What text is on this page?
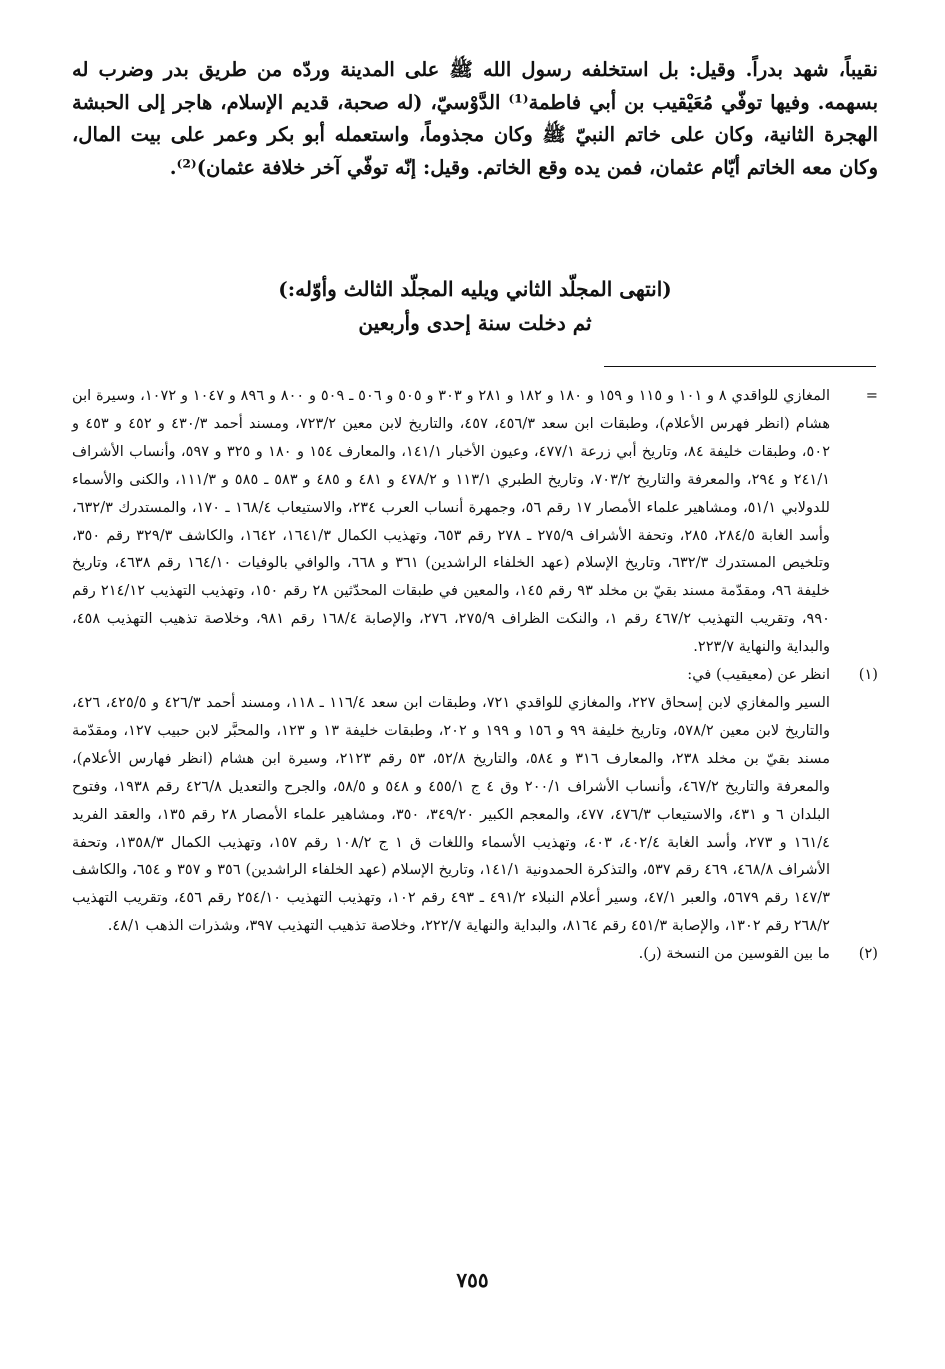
نقيباً، شهد بدراً. وقيل: بل استخلفه رسول الله ﷺ على المدينة وردّه من طريق بدر وضرب له بسهمه. وفيها توفّي مُعَيْقيب بن أبي فاطمة⁽¹⁾ الدَّوْسيّ، (له صحبة، قديم الإسلام، هاجر إلى الحبشة الهجرة الثانية، وكان على خاتم النبيّ ﷺ وكان مجذوماً، واستعمله أبو بكر وعمر على بيت المال، وكان معه الخاتم أيّام عثمان، فمن يده وقع الخاتم. وقيل: إنّه توفّي آخر خلافة عثمان)⁽²⁾.

(انتهى المجلّد الثاني ويليه المجلّد الثالث وأوّله:)

ثم دخلت سنة إحدى وأربعين

=
المغازي للواقدي ٨ و ١٠١ و ١١٥ و ١٥٩ و ١٨٠ و ١٨٢ و ٢٨١ و ٣٠٣ و ٥٠٥ و ٥٠٦ ـ ٥٠٩ و ٨٠٠ و ٨٩٦ و ١٠٤٧ و ١٠٧٢، وسيرة ابن هشام (انظر فهرس الأعلام)، وطبقات ابن سعد ٤٥٦/٣، ٤٥٧، والتاريخ لابن معين ٧٢٣/٢، ومسند أحمد ٤٣٠/٣ و ٤٥٢ و ٤٥٣ و ٥٠٢، وطبقات خليفة ٨٤، وتاريخ أبي زرعة ٤٧٧/١، وعيون الأخبار ١٤١/١، والمعارف ١٥٤ و ١٨٠ و ٣٢٥ و ٥٩٧، وأنساب الأشراف ٢٤١/١ و ٢٩٤، والمعرفة والتاريخ ٧٠٣/٢، وتاريخ الطبري ١١٣/١ و ٤٧٨/٢ و ٤٨١ و ٤٨٥ و ٥٨٣ ـ ٥٨٥ و ١١١/٣، والكنى والأسماء للدولابي ٥١/١، ومشاهير علماء الأمصار ١٧ رقم ٥٦، وجمهرة أنساب العرب ٢٣٤، والاستيعاب ١٦٨/٤ ـ ١٧٠، والمستدرك ٦٣٢/٣، وأسد الغابة ٢٨٤/٥، ٢٨٥، وتحفة الأشراف ٢٧٥/٩ ـ ٢٧٨ رقم ٦٥٣، وتهذيب الكمال ١٦٤١/٣، ١٦٤٢، والكاشف ٣٢٩/٣ رقم ٣٥٠، وتلخيص المستدرك ٦٣٢/٣، وتاريخ الإسلام (عهد الخلفاء الراشدين) ٣٦١ و ٦٦٨، والوافي بالوفيات ١٦٤/١٠ رقم ٤٦٣٨، وتاريخ خليفة ٩٦، ومقدّمة مسند بقيّ بن مخلد ٩٣ رقم ١٤٥، والمعين في طبقات المحدّثين ٢٨ رقم ١٥٠، وتهذيب التهذيب ٢١٤/١٢ رقم ٩٩٠، وتقريب التهذيب ٤٦٧/٢ رقم ١، والنكت الظراف ٢٧٥/٩، ٢٧٦، والإصابة ١٦٨/٤ رقم ٩٨١، وخلاصة تذهيب التهذيب ٤٥٨، والبداية والنهاية ٢٢٣/٧.
(١)

انظر عن (معيقيب) في:

السير والمغازي لابن إسحاق ٢٢٧، والمغازي للواقدي ٧٢١، وطبقات ابن سعد ١١٦/٤ ـ ١١٨، ومسند أحمد ٤٢٦/٣ و ٤٢٥/٥، ٤٢٦، والتاريخ لابن معين ٥٧٨/٢، وتاريخ خليفة ٩٩ و ١٥٦ و ١٩٩ و ٢٠٢، وطبقات خليفة ١٣ و ١٢٣، والمحبَّر لابن حبيب ١٢٧، ومقدّمة مسند بقيّ بن مخلد ٢٣٨، والمعارف ٣١٦ و ٥٨٤، والتاريخ ٥٢/٨، ٥٣ رقم ٢١٢٣، وسيرة ابن هشام (انظر فهارس الأعلام)، والمعرفة والتاريخ ٤٦٧/٢، وأنساب الأشراف ٢٠٠/١ وق ٤ ج ٤٥٥/١ و ٥٤٨ و ٥٨/٥، والجرح والتعديل ٤٢٦/٨ رقم ١٩٣٨، وفتوح البلدان ٦ و ٤٣١، والاستيعاب ٤٧٦/٣، ٤٧٧، والمعجم الكبير ٣٤٩/٢٠، ٣٥٠، ومشاهير علماء الأمصار ٢٨ رقم ١٣٥، والعقد الفريد ١٦١/٤ و ٢٧٣، وأسد الغابة ٤٠٢/٤، ٤٠٣، وتهذيب الأسماء واللغات ق ١ ج ١٠٨/٢ رقم ١٥٧، وتهذيب الكمال ١٣٥٨/٣، وتحفة الأشراف ٤٦٨/٨، ٤٦٩ رقم ٥٣٧، والتذكرة الحمدونية ١٤١/١، وتاريخ الإسلام (عهد الخلفاء الراشدين) ٣٥٦ و ٣٥٧ و ٦٥٤، والكاشف ١٤٧/٣ رقم ٥٦٧٩، والعبر ٤٧/١، وسير أعلام النبلاء ٤٩١/٢ ـ ٤٩٣ رقم ١٠٢، وتهذيب التهذيب ٢٥٤/١٠ رقم ٤٥٦، وتقريب التهذيب ٢٦٨/٢ رقم ١٣٠٢، والإصابة ٤٥١/٣ رقم ٨١٦٤، والبداية والنهاية ٢٢٢/٧، وخلاصة تذهيب التهذيب ٣٩٧، وشذرات الذهب ٤٨/١.

(٢)
ما بين القوسين من النسخة (ر).
٧٥٥
